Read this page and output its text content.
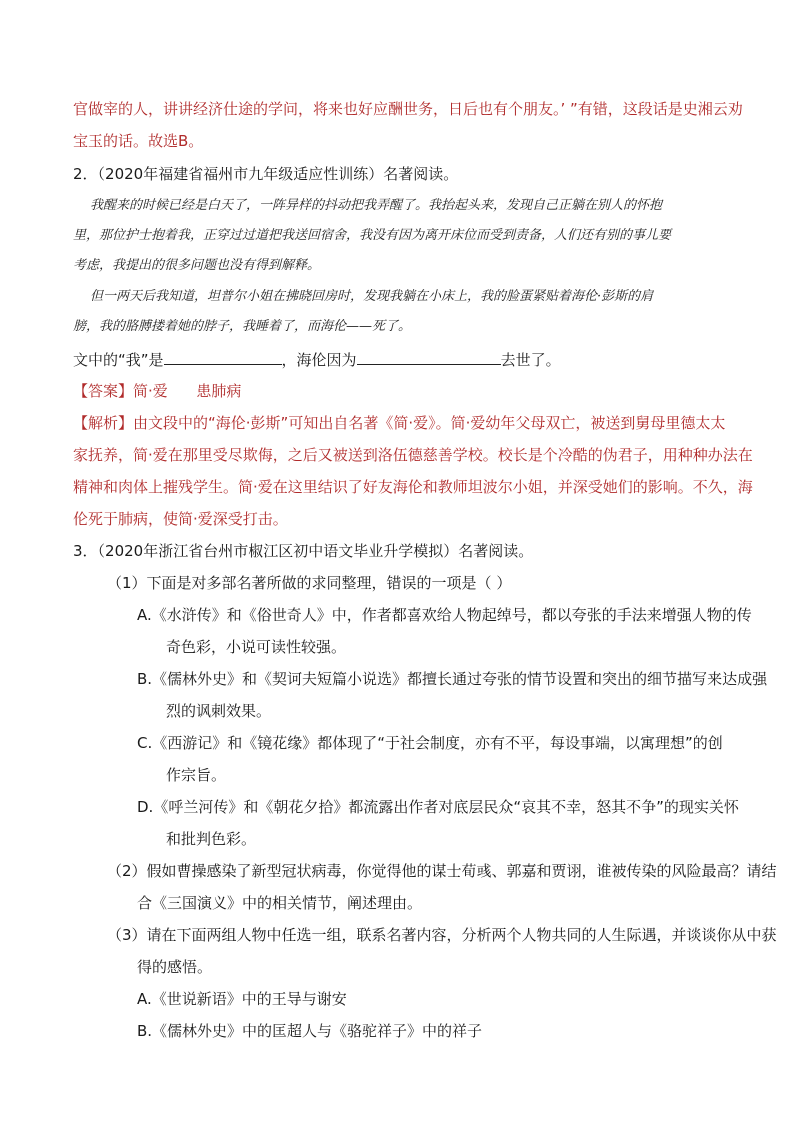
官做宰的人，讲讲经济仕途的学问，将来也好应酬世务，日后也有个朋友。’ ”有错，这段话是史湘云劝
宝玉的话。故选B。
2．（2020年福建省福州市九年级适应性训练）名著阅读。
我醒来的时候已经是白天了，一阵异样的抖动把我弄醒了。我抬起头来，发现自己正躺在别人的怀抱
里，那位护士抱着我，正穿过过道把我送回宿舍，我没有因为离开床位而受到责备，人们还有别的事儿要
考虑，我提出的很多问题也没有得到解释。
但一两天后我知道，坦普尔小姐在拂晓回房时，发现我躺在小床上，我的脸蛋紧贴着海伦·彭斯的肩
膀，我的胳膊搂着她的脖子，我睡着了，而海伦——死了。
文中的“我”是	，海伦因为	去世了。
【答案】简·爱      患肺病
【解析】由文段中的“海伦·彭斯”可知出自名著《简·爱》。简·爱幼年父母双亡，被送到舅母里德太太
家抚养，简·爱在那里受尽欺侮，之后又被送到洛伍德慈善学校。校长是个冷酷的伪君子，用种种办法在
精神和肉体上摧残学生。简·爱在这里结识了好友海伦和教师坦波尔小姐，并深受她们的影响。不久，海
伦死于肺病，使简·爱深受打击。
3．（2020年浙江省台州市椒江区初中语文毕业升学模拟）名著阅读。
（1）下面是对多部名著所做的求同整理，错误的一项是（ ）
A.《水浒传》和《俗世奇人》中，作者都喜欢给人物起绰号，都以夸张的手法来增强人物的传
奇色彩，小说可读性较强。
B.《儒林外史》和《契诃夫短篇小说选》都擅长通过夸张的情节设置和突出的细节描写来达成强
烈的讽刺效果。
C.《西游记》和《镜花缘》都体现了“于社会制度，亦有不平，每设事端，以寓理想”的创
作宗旨。
D.《呼兰河传》和《朝花夕拾》都流露出作者对底层民众“哀其不幸，怒其不争”的现实关怀
和批判色彩。
（2）假如曹操感染了新型冠状病毒，你觉得他的谋士荀彧、郭嘉和贾诩，谁被传染的风险最高？请结
合《三国演义》中的相关情节，阐述理由。
（3）请在下面两组人物中任选一组，联系名著内容，分析两个人物共同的人生际遇，并谈谈你从中获
得的感悟。
A.《世说新语》中的王导与谢安
B.《儒林外史》中的匡超人与《骆驼祥子》中的祥子
